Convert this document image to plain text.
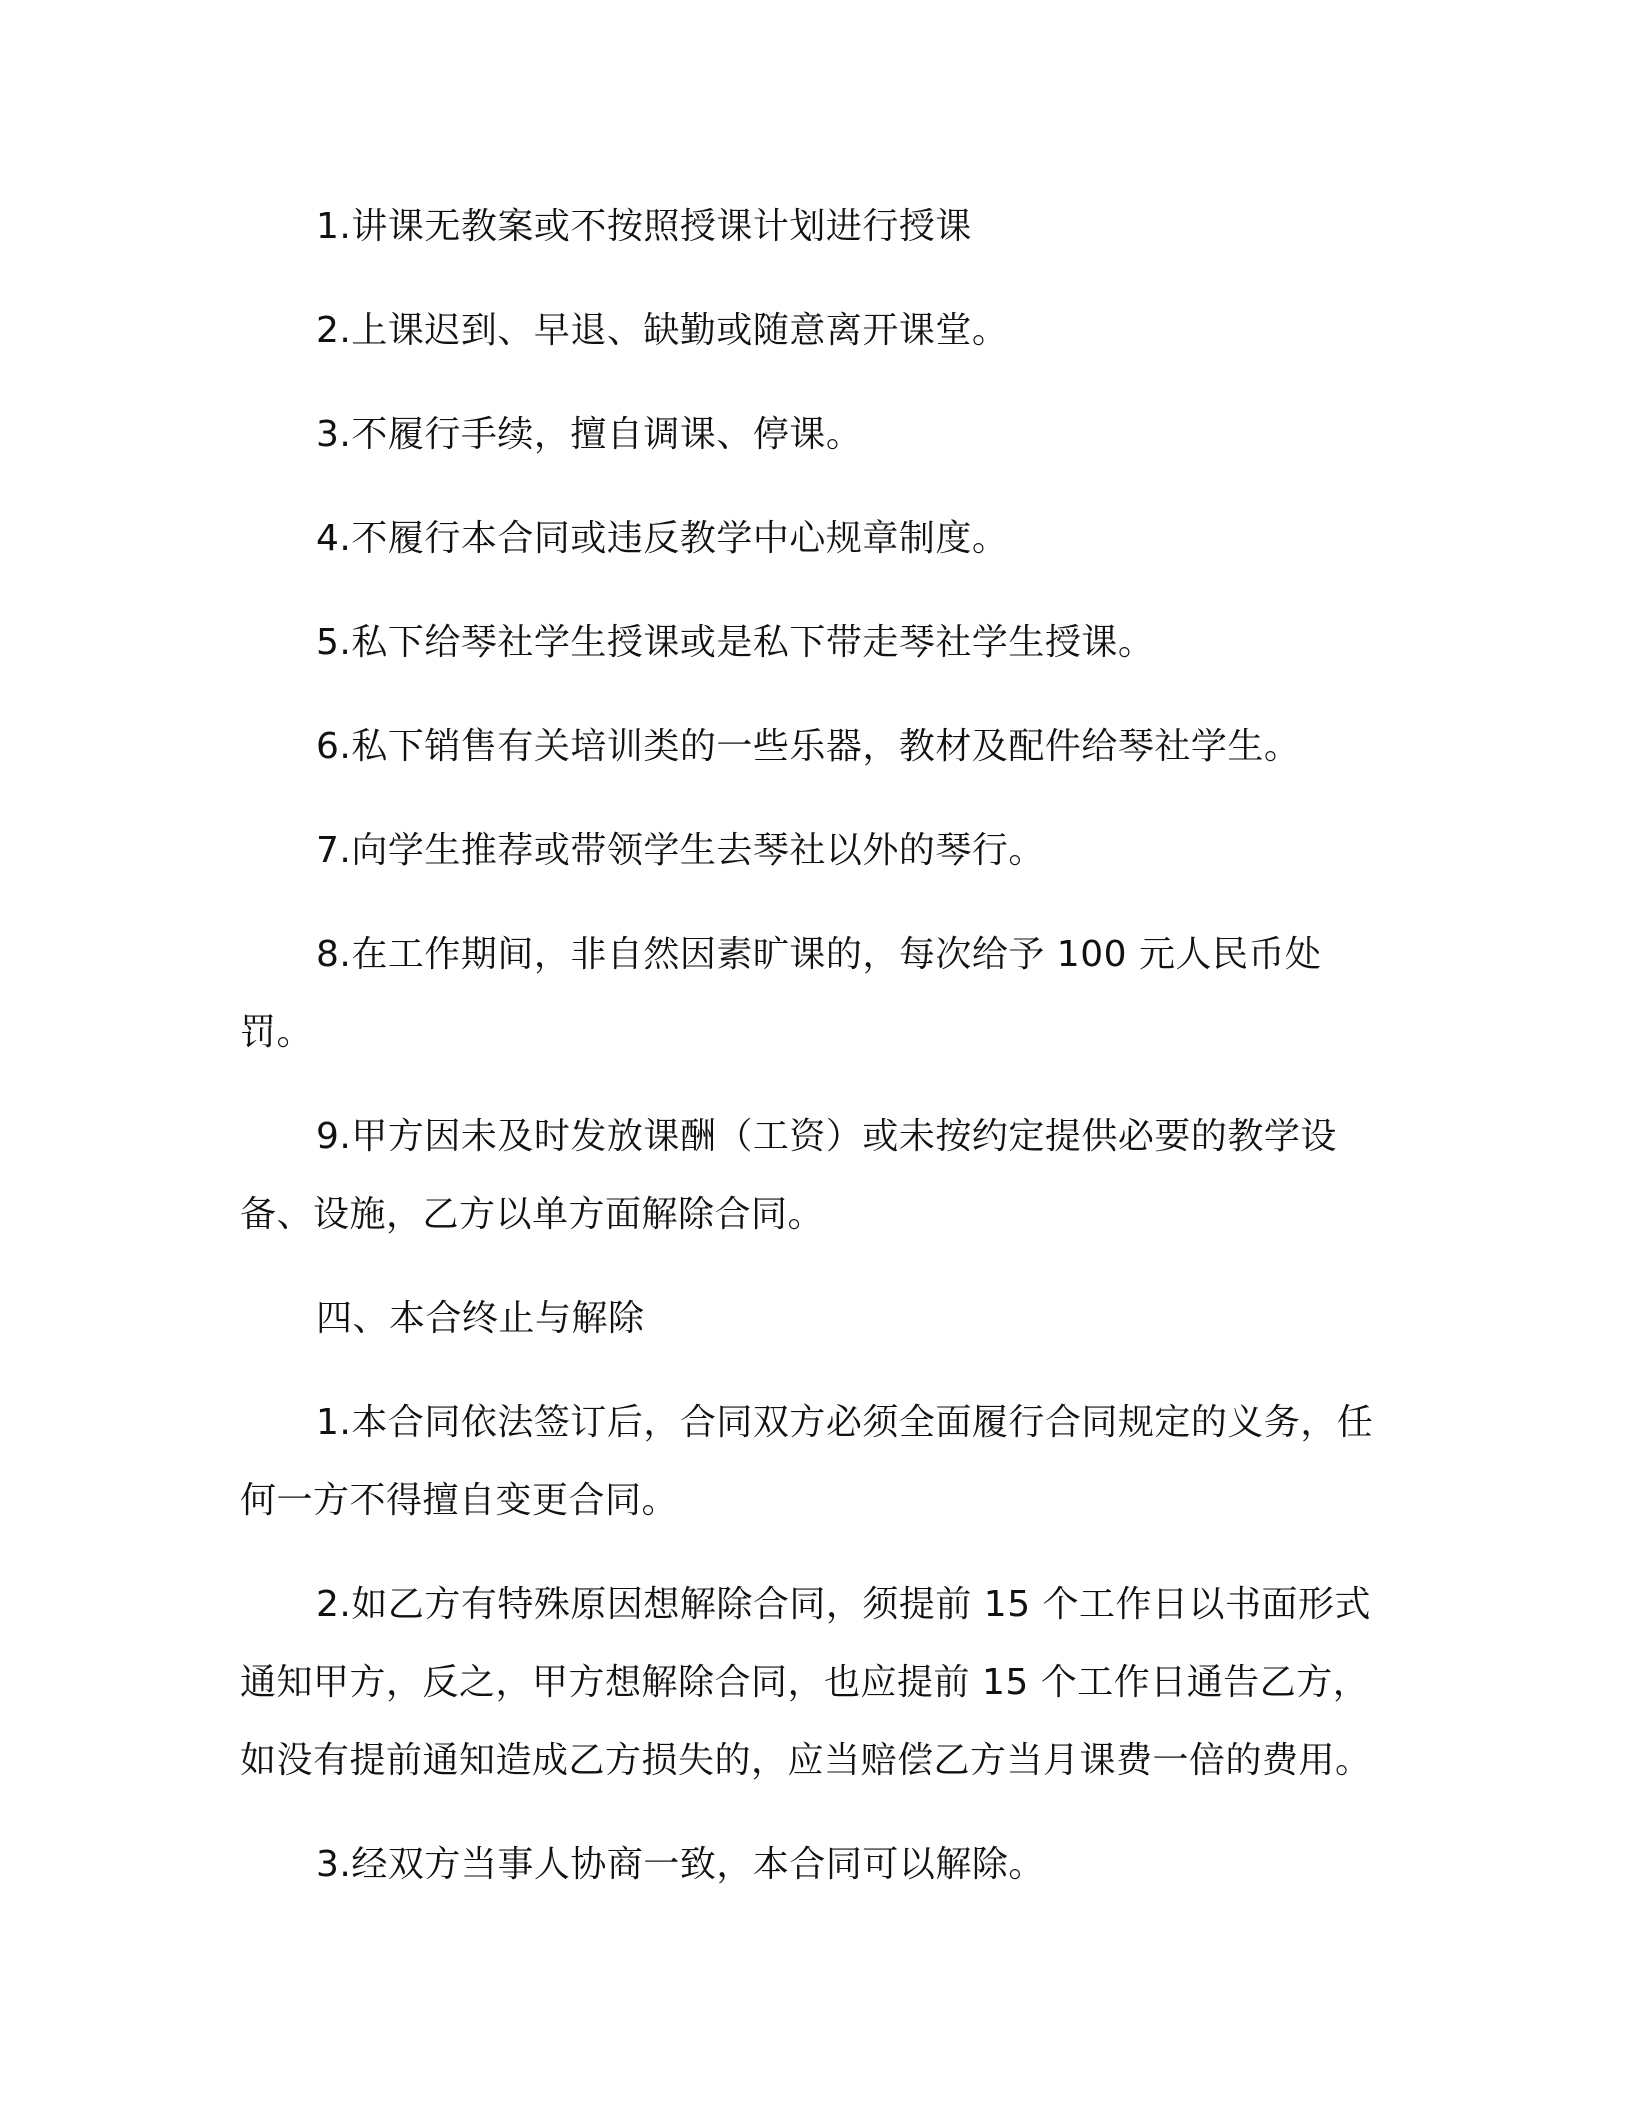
1.讲课无教案或不按照授课计划进行授课

2.上课迟到、早退、缺勤或随意离开课堂。

3.不履行手续，擅自调课、停课。

4.不履行本合同或违反教学中心规章制度。

5.私下给琴社学生授课或是私下带走琴社学生授课。

6.私下销售有关培训类的一些乐器，教材及配件给琴社学生。

7.向学生推荐或带领学生去琴社以外的琴行。

8.在工作期间，非自然因素旷课的，每次给予 100 元人民币处罚。

9.甲方因未及时发放课酬（工资）或未按约定提供必要的教学设备、设施，乙方以单方面解除合同。

四、本合终止与解除

1.本合同依法签订后，合同双方必须全面履行合同规定的义务，任何一方不得擅自变更合同。

2.如乙方有特殊原因想解除合同，须提前 15 个工作日以书面形式通知甲方，反之，甲方想解除合同，也应提前 15 个工作日通告乙方，如没有提前通知造成乙方损失的，应当赔偿乙方当月课费一倍的费用。

3.经双方当事人协商一致，本合同可以解除。
